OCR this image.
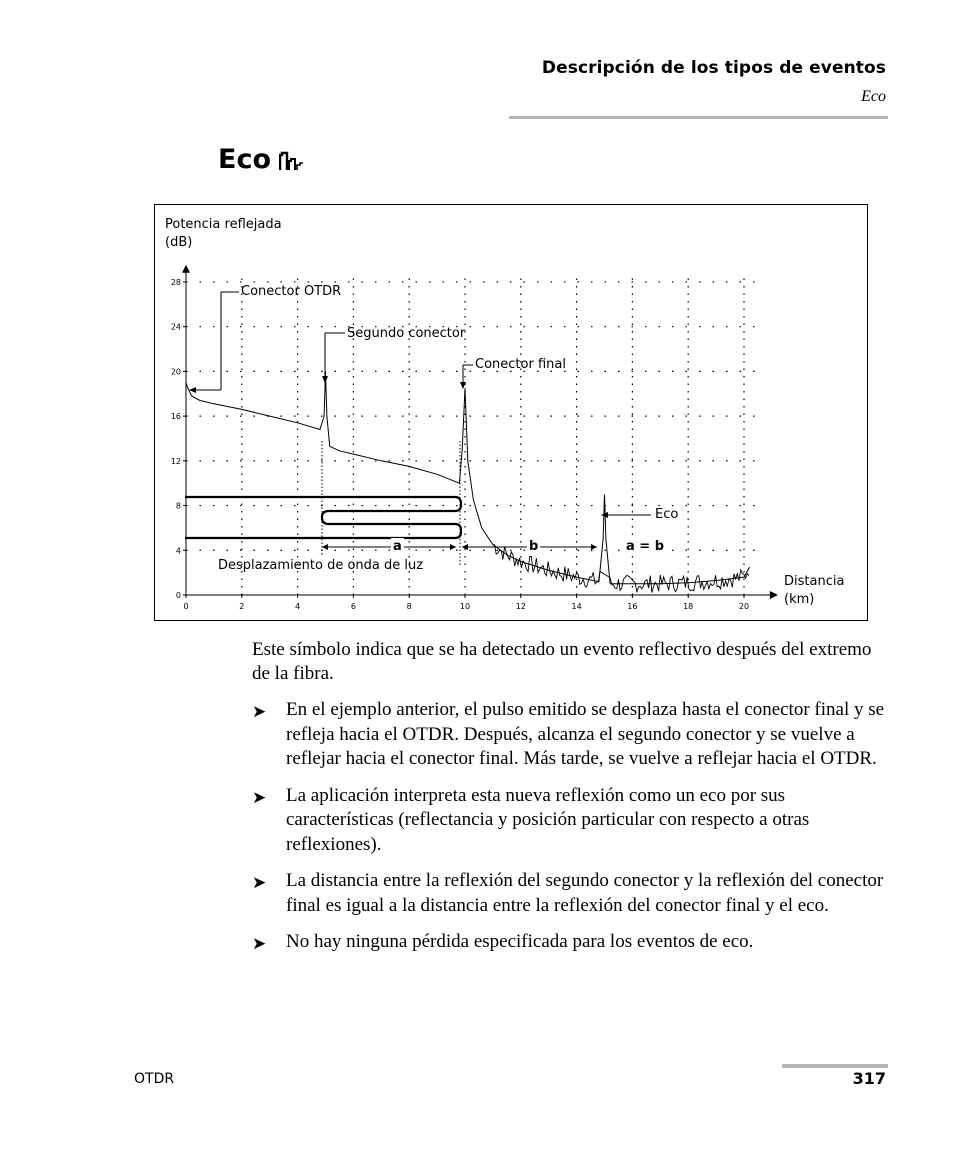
Descripción de los tipos de eventos
Eco
Eco
0	2	4	6	8	10	12	14	16	18	20
0
4
8
12
16
20
24
28
Potencia reflejada
(dB)
Distancia
(km)
Conector OTDR
Segundo conector
Conector final
Eco
Desplazamiento de onda de luz
a	b	a = b
Este símbolo indica que se ha detectado un evento reflectivo después del extremo de la fibra.
➤ En el ejemplo anterior, el pulso emitido se desplaza hasta el conector final y se refleja hacia el OTDR. Después, alcanza el segundo conector y se vuelve a reflejar hacia el conector final. Más tarde, se vuelve a reflejar hacia el OTDR.
➤ La aplicación interpreta esta nueva reflexión como un eco por sus características (reflectancia y posición particular con respecto a otras reflexiones).
➤ La distancia entre la reflexión del segundo conector y la reflexión del conector final es igual a la distancia entre la reflexión del conector final y el eco.
➤ No hay ninguna pérdida especificada para los eventos de eco.
OTDR	317
